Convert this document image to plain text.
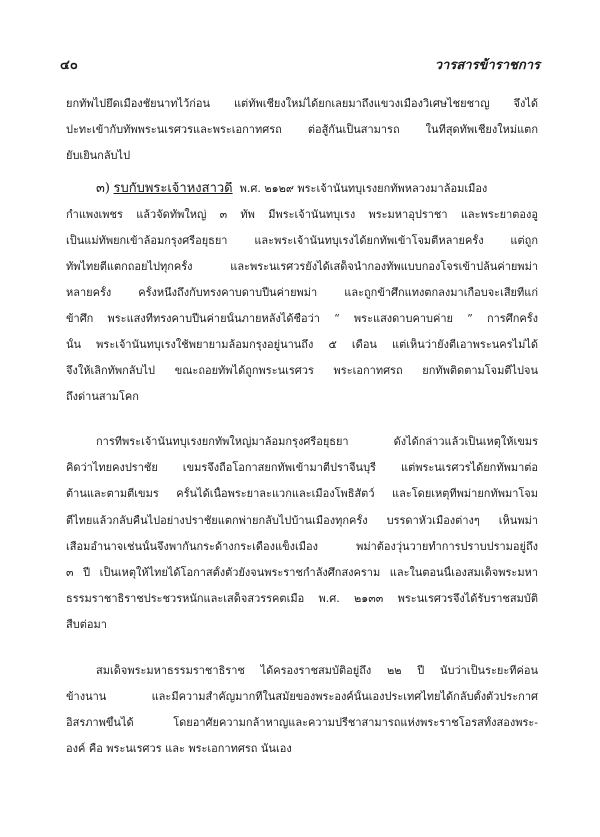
๔๐	วารสารข้าราชการ
ยกทัพไปยึดเมืองชัยนาทไว้ก่อน แต่ทัพเชียงใหม่ได้ยกเลยมาถึงแขวงเมืองวิเศษไชยชาญ จึงได้
ปะทะเข้ากับทัพพระนเรศวรและพระเอกาทศรถ ต่อสู้กันเป็นสามารถ ในที่สุดทัพเชียงใหม่แตก
ยับเยินกลับไป
๓) รบกับพระเจ้าหงสาวดี พ.ศ. ๒๑๒๙ พระเจ้านันทบุเรงยกทัพหลวงมาล้อมเมือง
กำแพงเพชร แล้วจัดทัพใหญ่ ๓ ทัพ มีพระเจ้านันทบุเรง พระมหาอุปราชา และพระยาตองอู
เป็นแม่ทัพยกเข้าล้อมกรุงศรีอยุธยา และพระเจ้านันทบุเรงได้ยกทัพเข้าโจมตีหลายครั้ง แต่ถูก
ทัพไทยตีแตกถอยไปทุกครั้ง และพระนเรศวรยังได้เสด็จนำกองทัพแบบกองโจรเข้าปล้นค่ายพม่า
หลายครั้ง ครั้งหนึ่งถึงกับทรงคาบดาบปีนค่ายพม่า และถูกข้าศึกแทงตกลงมาเกือบจะเสียทีแก่
ข้าศึก พระแสงที่ทรงคาบปีนค่ายนั้นภายหลังได้ชื่อว่า “ พระแสงดาบคาบค่าย ” การศึกครั้ง
นั้น พระเจ้านันทบุเรงใช้พยายามล้อมกรุงอยู่นานถึง ๕ เดือน แต่เห็นว่ายังตีเอาพระนครไม่ได้
จึงให้เลิกทัพกลับไป ขณะถอยทัพได้ถูกพระนเรศวร พระเอกาทศรถ ยกทัพติดตามโจมตีไปจน
ถึงด่านสามโคก
การที่พระเจ้านันทบุเรงยกทัพใหญ่มาล้อมกรุงศรีอยุธยา ดังได้กล่าวแล้วเป็นเหตุให้เขมร
คิดว่าไทยคงปราชัย เขมรจึงถือโอกาสยกทัพเข้ามาตีปราจีนบุรี แต่พระนเรศวรได้ยกทัพมาต่อ
ต้านและตามตีเขมร ครั้นได้เนื้อพระยาละแวกและเมืองโพธิสัตว์ และโดยเหตุที่พม่ายกทัพมาโจม
ตีไทยแล้วกลับคืนไปอย่างปราชัยแตกพ่ายกลับไปบ้านเมืองทุกครั้ง บรรดาหัวเมืองต่างๆ เห็นพม่า
เสื่อมอำนาจเช่นนั้นจึงพากันกระด้างกระเดื่องแข็งเมือง พม่าต้องวุ่นวายทำการปราบปรามอยู่ถึง
๓ ปี เป็นเหตุให้ไทยได้โอกาสตั้งตัวยังจนพระราชกำลังศึกสงคราม และในตอนนี้เองสมเด็จพระมหา
ธรรมราชาธิราชประชวรหนักและเสด็จสวรรคตเมื่อ พ.ศ. ๒๑๓๓ พระนเรศวรจึงได้รับราชสมบัติ
สืบต่อมา
สมเด็จพระมหาธรรมราชาธิราช ได้ครองราชสมบัติอยู่ถึง ๒๒ ปี นับว่าเป็นระยะที่ค่อน
ข้างนาน และมีความสำคัญมากที่ในสมัยของพระองค์นั้นเองประเทศไทยได้กลับตั้งตัวประกาศ
อิสรภาพขึ้นได้ โดยอาศัยความกล้าหาญและความปรีชาสามารถแห่งพระราชโอรสทั้งสองพระ-
องค์ คือ พระนเรศวร และ พระเอกาทศรถ นั่นเอง
